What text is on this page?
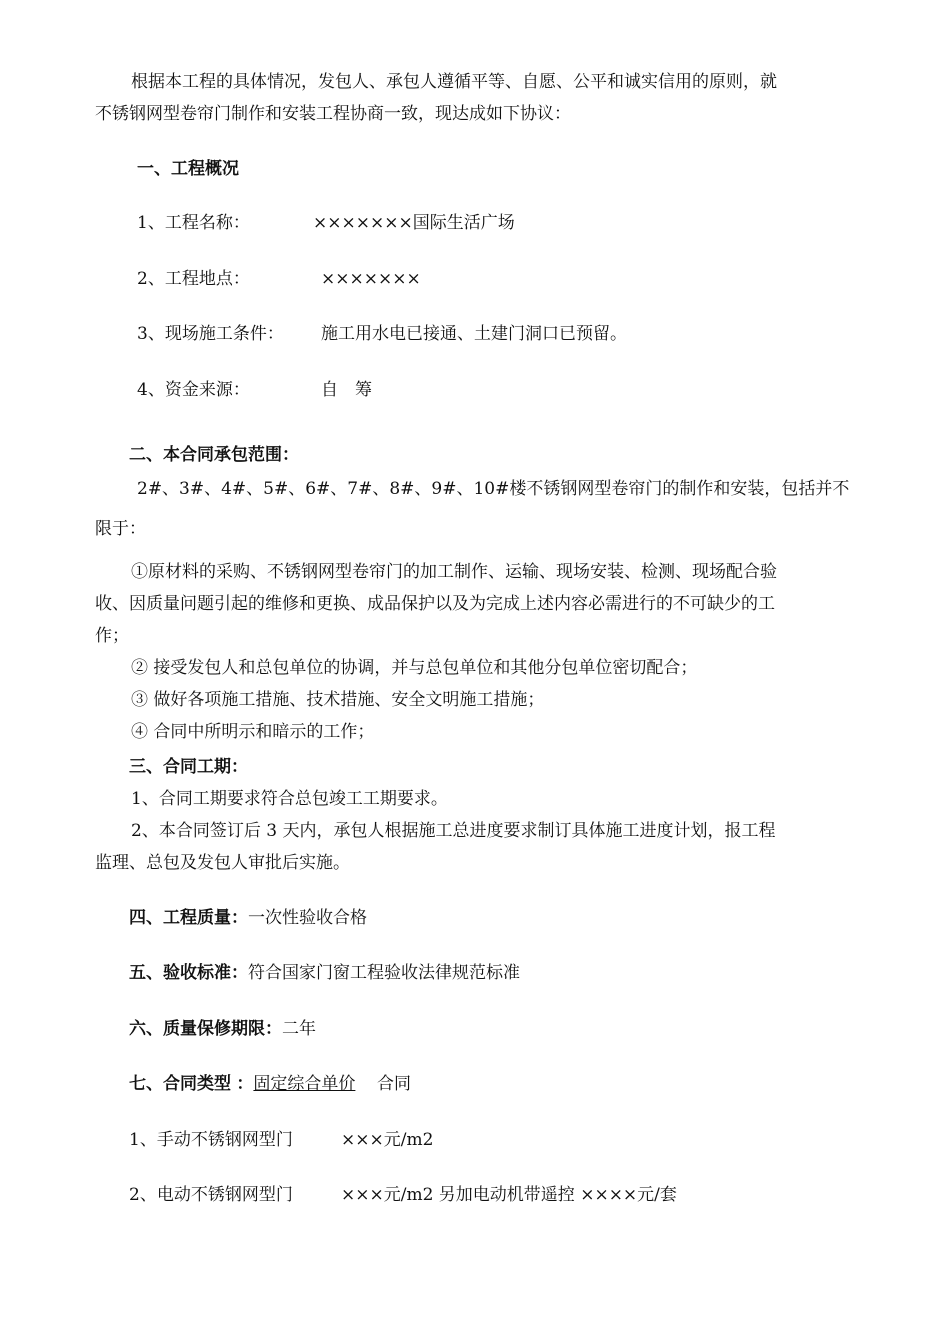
根据本工程的具体情况，发包人、承包人遵循平等、自愿、公平和诚实信用的原则，就
不锈钢网型卷帘门制作和安装工程协商一致，现达成如下协议：
一、工程概况
1、工程名称：	×××××××国际生活广场
2、工程地点：	×××××××
3、现场施工条件： 施工用水电已接通、土建门洞口已预留。
4、资金来源：	自　筹
二、本合同承包范围：
2#、3#、4#、5#、6#、7#、8#、9#、10#楼不锈钢网型卷帘门的制作和安装，包括并不
限于：
①原材料的采购、不锈钢网型卷帘门的加工制作、运输、现场安装、检测、现场配合验
收、因质量问题引起的维修和更换、成品保护以及为完成上述内容必需进行的不可缺少的工
作；
② 接受发包人和总包单位的协调，并与总包单位和其他分包单位密切配合；
③ 做好各项施工措施、技术措施、安全文明施工措施；
④ 合同中所明示和暗示的工作；
三、合同工期：
1、合同工期要求符合总包竣工工期要求。
2、本合同签订后 3 天内，承包人根据施工总进度要求制订具体施工进度计划，报工程
监理、总包及发包人审批后实施。
四、工程质量：一次性验收合格
五、验收标准：符合国家门窗工程验收法律规范标准
六、质量保修期限：二年
七、合同类型 ：固定综合单价 合同
1、手动不锈钢网型门	×××元/m2
2、电动不锈钢网型门	×××元/m2 另加电动机带遥控 ××××元/套
